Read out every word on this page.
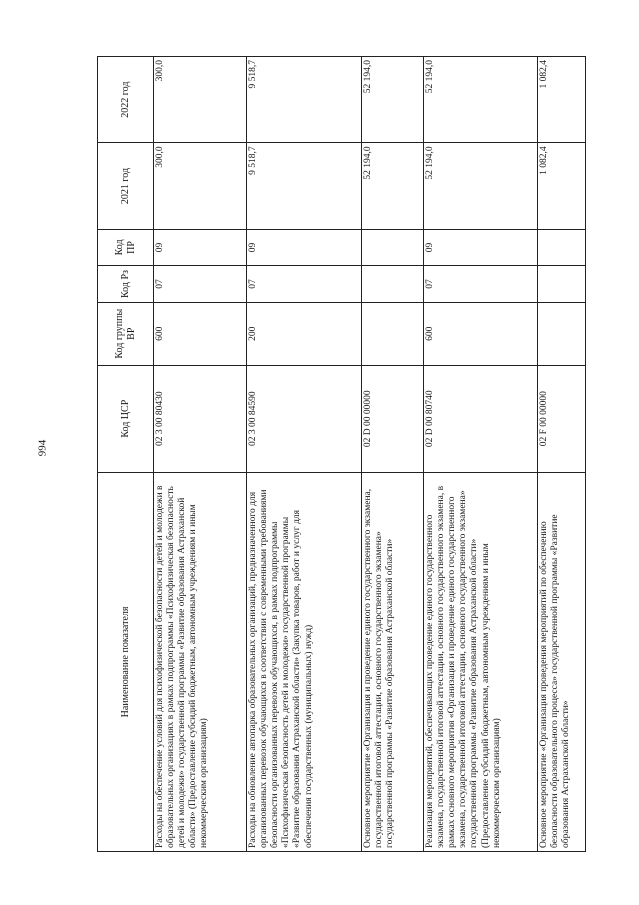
994
Наименование показателя	Код ЦСР	Код группы ВР	Код Рз	Код ПР	2021 год	2022 год
Расходы на обеспечение условий для психофизической безопасности детей и молодежи в образовательных организациях в рамках подпрограммы «Психофизическая безопасность детей и молодежи» государственной программы «Развитие образования Астраханской области» (Предоставление субсидий бюджетным, автономным учреждениям и иным некоммерческим организациям)	02 3 00 80430	600	07	09	300,0	300,0
Расходы на обновление автопарка образовательных организаций, предназначенного для организованных перевозок обучающихся в соответствии с современными требованиями безопасности организованных перевозок обучающихся, в рамках подпрограммы «Психофизическая безопасность детей и молодежи» государственной программы «Развитие образования Астраханской области» (Закупка товаров, работ и услуг для обеспечения государственных (муниципальных) нужд)	02 3 00 84590	200	07	09	9 518,7	9 518,7
Основное мероприятие «Организация и проведение единого государственного экзамена, государственной итоговой аттестации, основного государственного экзамена» государственной программы «Развитие образования Астраханской области»	02 D 00 00000				52 194,0	52 194,0
Реализация мероприятий, обеспечивающих проведение единого государственного экзамена, государственной итоговой аттестации, основного государственного экзамена, в рамках основного мероприятия «Организация и проведение единого государственного экзамена, государственной итоговой аттестации, основного государственного экзамена» государственной программы «Развитие образования Астраханской области» (Предоставление субсидий бюджетным, автономным учреждениям и иным некоммерческим организациям)	02 D 00 80740	600	07	09	52 194,0	52 194,0
Основное мероприятие «Организация проведения мероприятий по обеспечению безопасности образовательного процесса» государственной программы «Развитие образования Астраханской области»	02 F 00 00000				1 082,4	1 082,4
